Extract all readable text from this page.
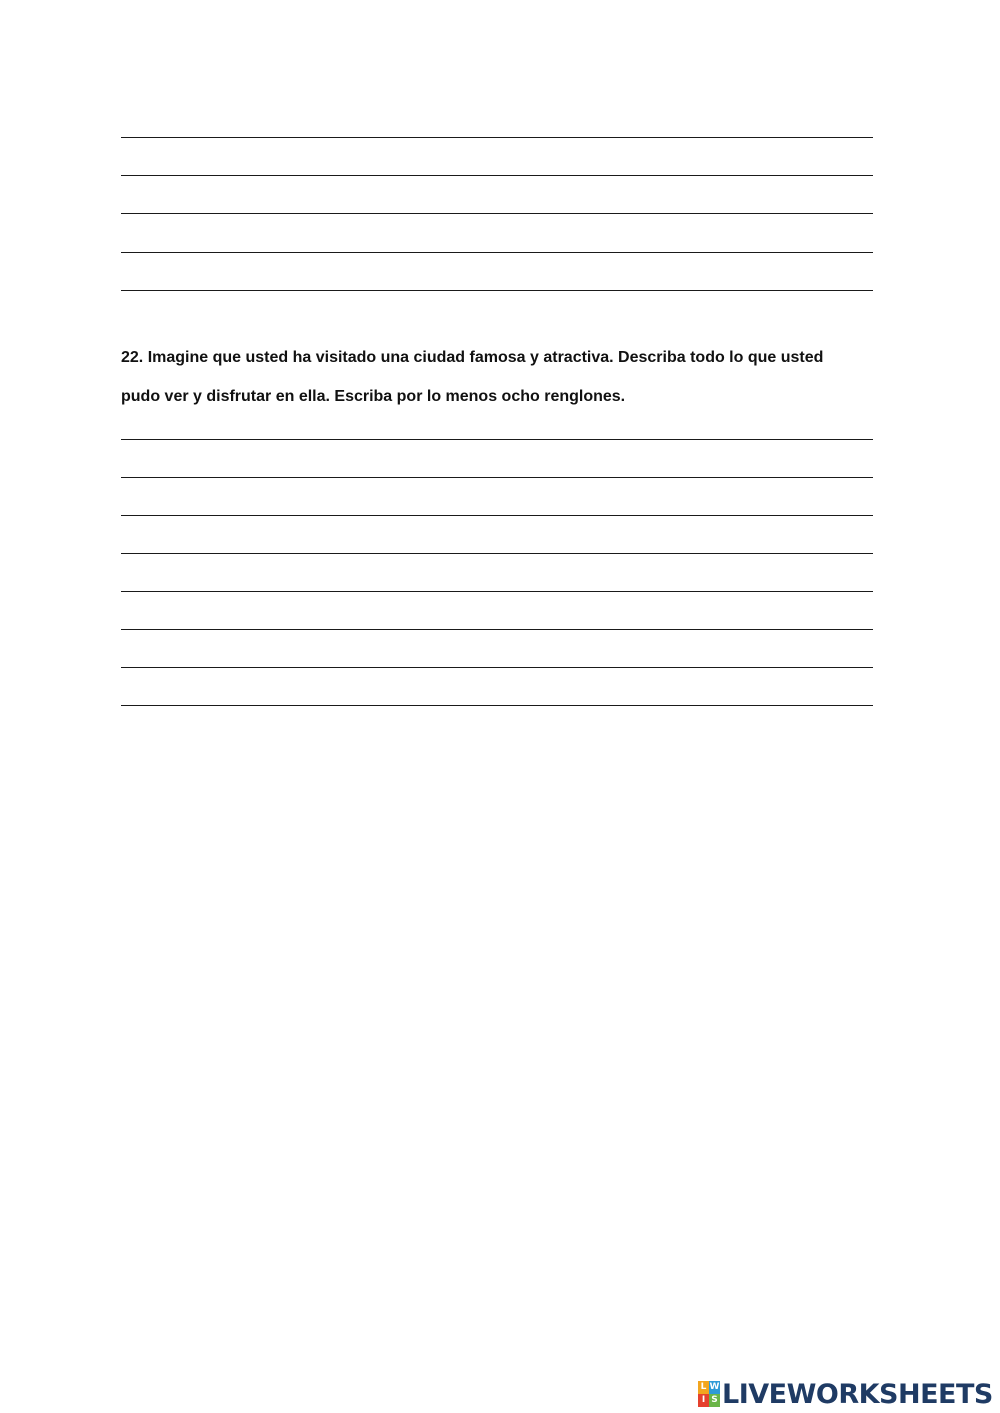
22. Imagine que usted ha visitado una ciudad famosa y atractiva. Describa todo lo que usted

pudo ver y disfrutar en ella. Escriba por lo menos ocho renglones.

L W
I S LIVEWORKSHEETS
